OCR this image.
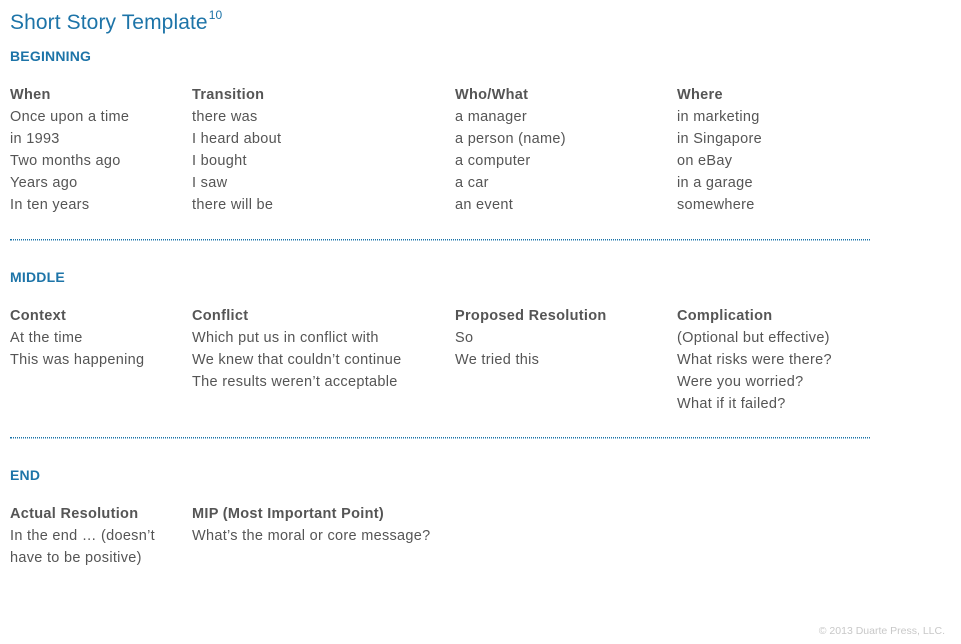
Short Story Template$^{10}$
BEGINNING
When
Once upon a time
in 1993
Two months ago
Years ago
In ten years
Transition
there was
I heard about
I bought
I saw
there will be
Who/What
a manager
a person (name)
a computer
a car
an event
Where
in marketing
in Singapore
on eBay
in a garage
somewhere
MIDDLE
Context
At the time
This was happening
Conflict
Which put us in conflict with
We knew that couldn’t continue
The results weren’t acceptable
Proposed Resolution
So
We tried this
Complication
(Optional but effective)
What risks were there?
Were you worried?
What if it failed?
END
Actual Resolution
In the end … (doesn’t
have to be positive)
MIP (Most Important Point)
What’s the moral or core message?
© 2013 Duarte Press, LLC.
